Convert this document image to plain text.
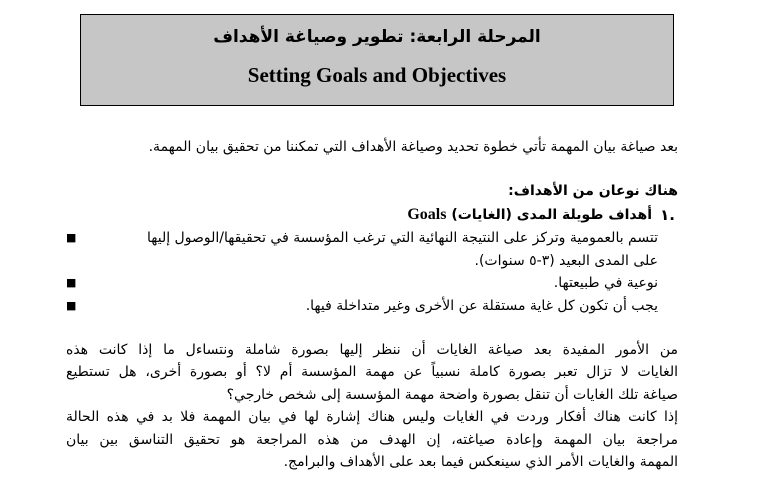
المرحلة الرابعة: تطوير وصياغة الأهداف
Setting Goals and Objectives
بعد صياغة بيان المهمة تأتي خطوة تحديد وصياغة الأهداف التي تمكننا من تحقيق بيان المهمة.
هناك نوعان من الأهداف:
١.
أهداف طويلة المدى (الغايات) Goals
■	تتسم بالعمومية وتركز على النتيجة النهائية التي ترغب المؤسسة في تحقيقها/الوصول إليها
على المدى البعيد (٣-٥ سنوات).
■	نوعية في طبيعتها.
■	يجب أن تكون كل غاية مستقلة عن الأخرى وغير متداخلة فيها.
من الأمور المفيدة بعد صياغة الغايات أن ننظر إليها بصورة شاملة ونتساءل ما إذا كانت هذه
الغايات لا تزال تعبر بصورة كاملة نسبياً عن مهمة المؤسسة أم لا؟ أو بصورة أخرى، هل تستطيع
صياغة تلك الغايات أن تنقل بصورة واضحة مهمة المؤسسة إلى شخص خارجي؟
إذا كانت هناك أفكار وردت في الغايات وليس هناك إشارة لها في بيان المهمة فلا بد في هذه الحالة
مراجعة بيان المهمة وإعادة صياغته، إن الهدف من هذه المراجعة هو تحقيق التناسق بين بيان
المهمة والغايات الأمر الذي سينعكس فيما بعد على الأهداف والبرامج.
